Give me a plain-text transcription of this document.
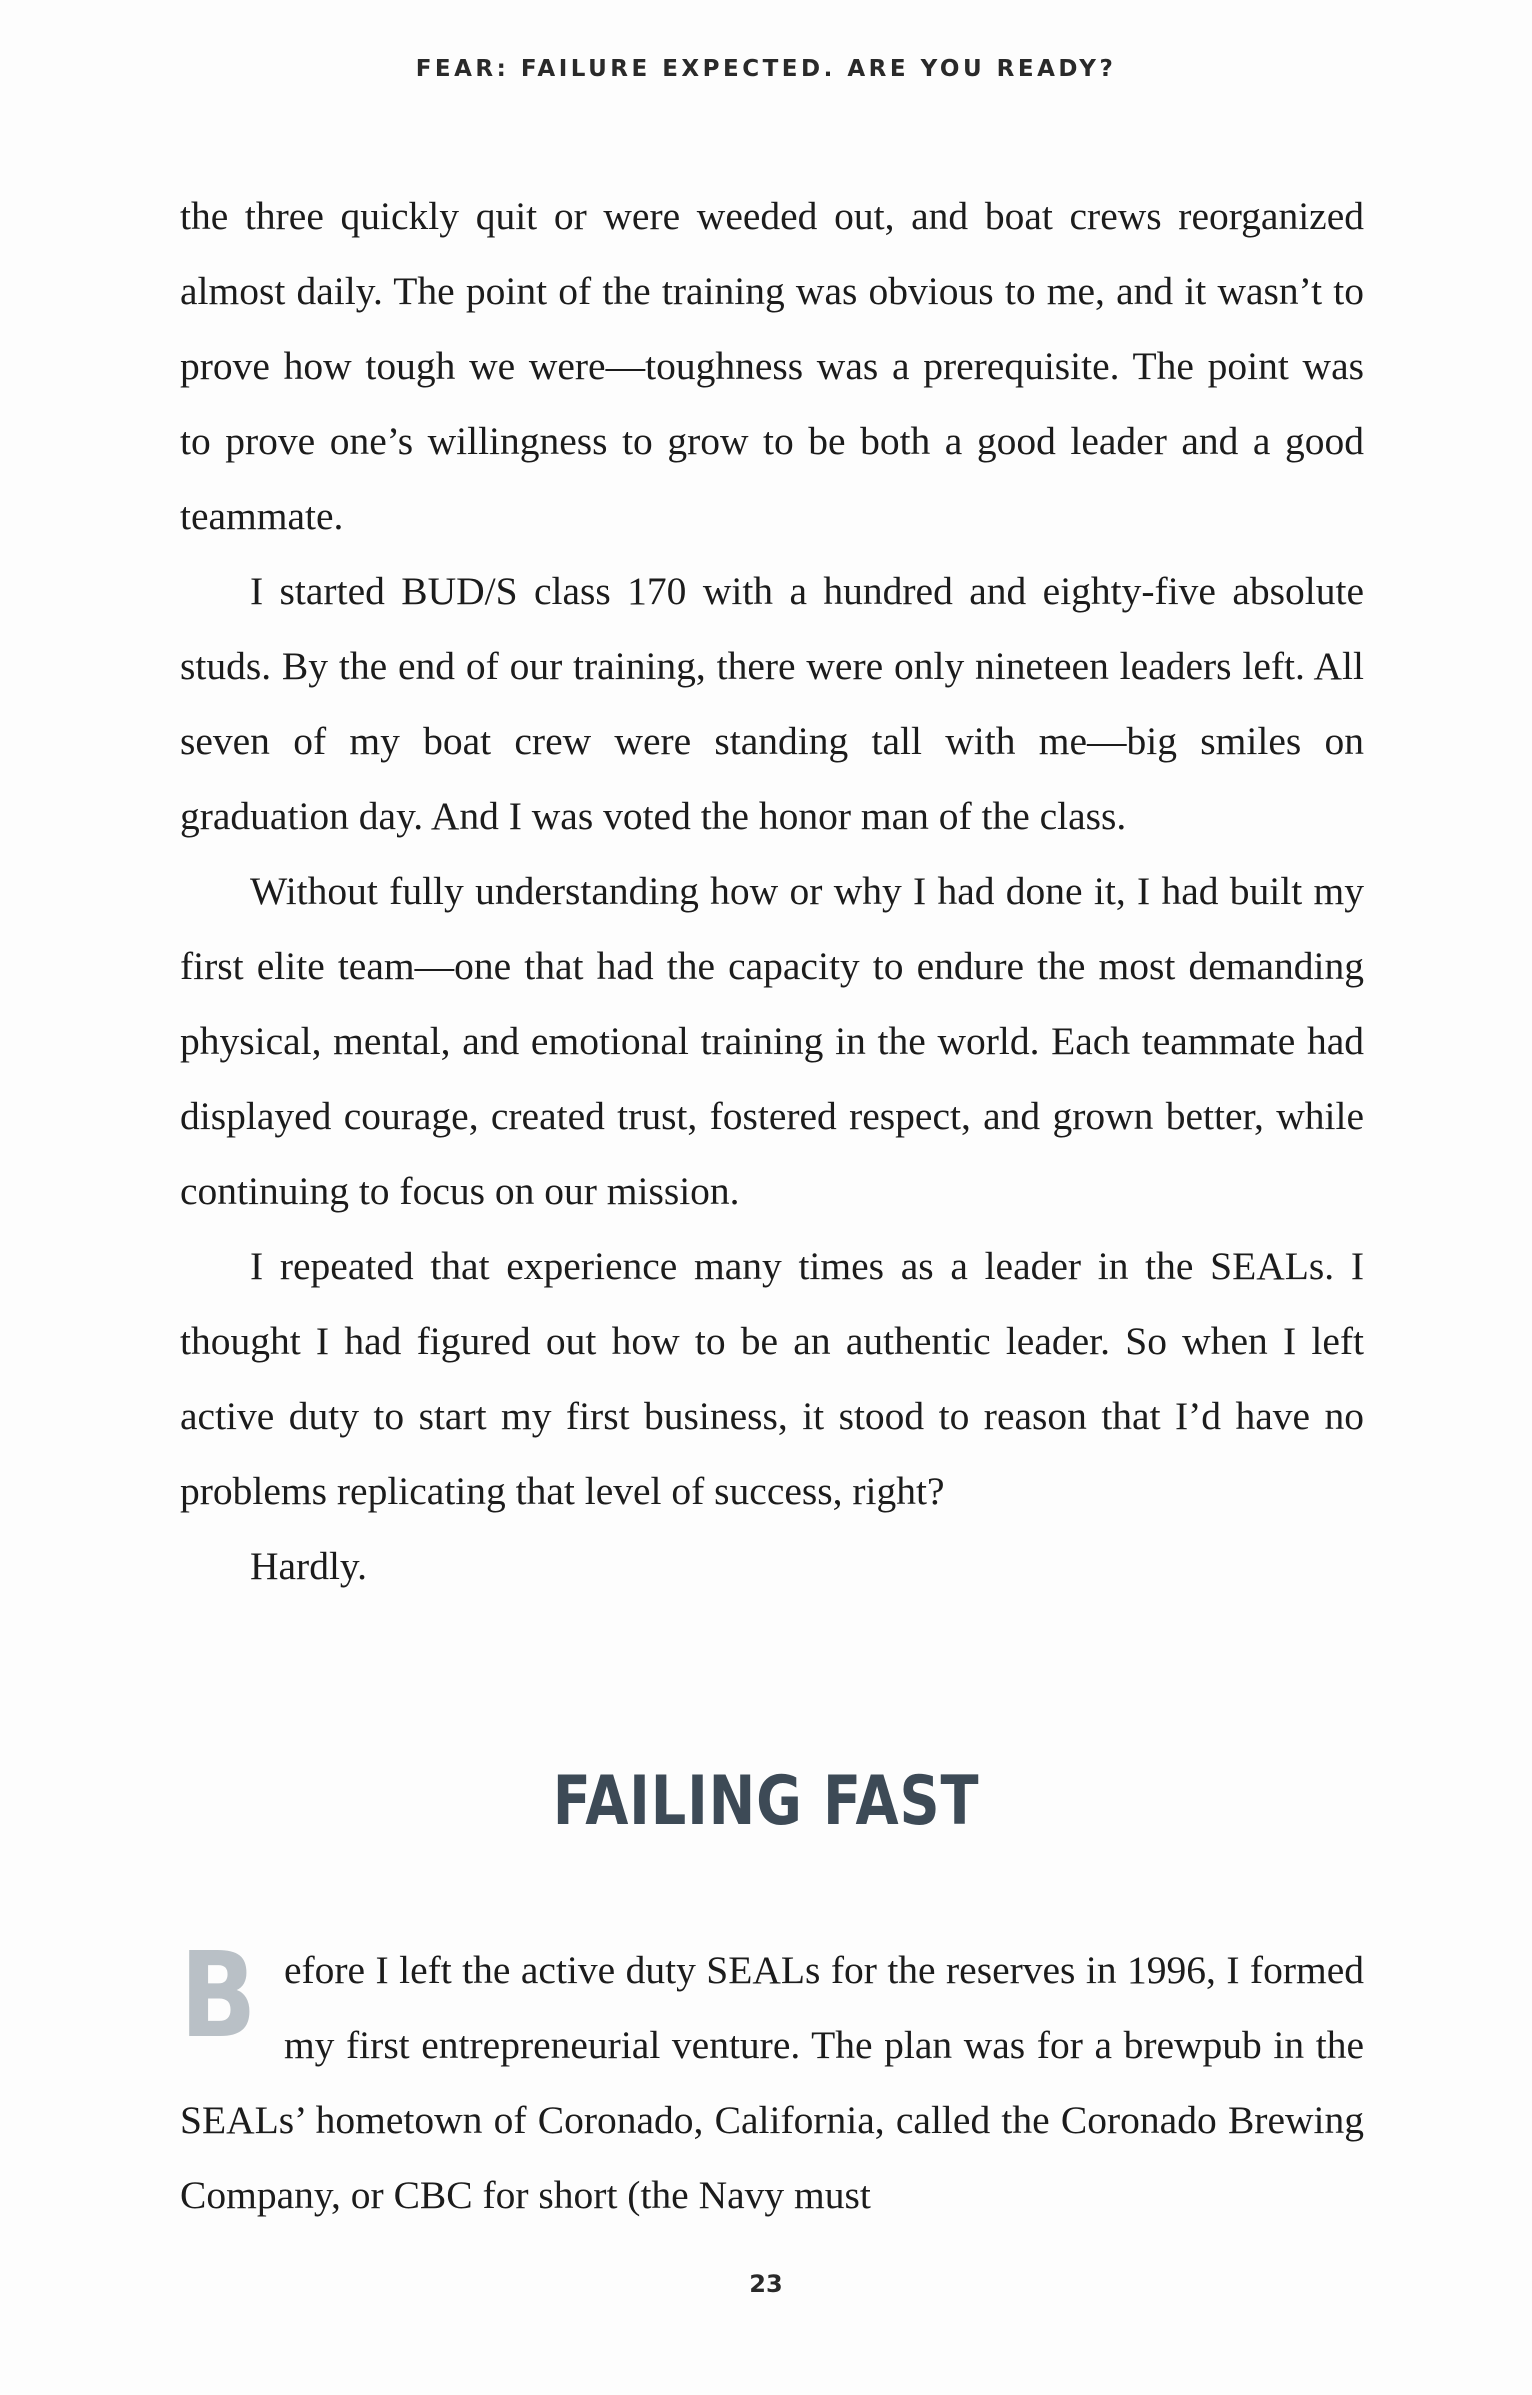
FEAR: FAILURE EXPECTED. ARE YOU READY?

the three quickly quit or were weeded out, and boat crews reorganized almost daily. The point of the training was obvious to me, and it wasn’t to prove how tough we were—toughness was a prerequisite. The point was to prove one’s willingness to grow to be both a good leader and a good teammate.

I started BUD/S class 170 with a hundred and eighty-five absolute studs. By the end of our training, there were only nineteen leaders left. All seven of my boat crew were standing tall with me—big smiles on graduation day. And I was voted the honor man of the class.

Without fully understanding how or why I had done it, I had built my first elite team—one that had the capacity to endure the most demanding physical, mental, and emotional training in the world. Each teammate had displayed courage, created trust, fostered respect, and grown better, while continuing to focus on our mission.

I repeated that experience many times as a leader in the SEALs. I thought I had figured out how to be an authentic leader. So when I left active duty to start my first business, it stood to reason that I’d have no problems replicating that level of success, right?

Hardly.

FAILING FAST

Before I left the active duty SEALs for the reserves in 1996, I formed my first entrepreneurial venture. The plan was for a brewpub in the SEALs’ hometown of Coronado, California, called the Coronado Brewing Company, or CBC for short (the Navy must

23
